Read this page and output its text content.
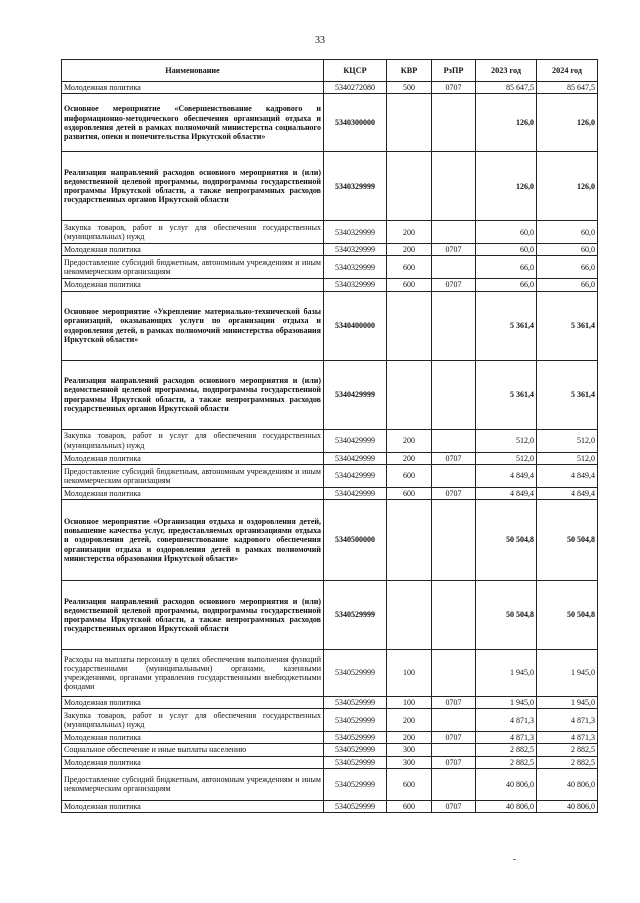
33
Наименование	КЦСР	КВР	РзПР	2023 год	2024 год
Молодежная политика	5340272080	500	0707	85 647,5	85 647,5
Основное мероприятие «Совершенствование кадрового и информационно-методического обеспечения организаций отдыха и оздоровления детей в рамках полномочий министерства социального развития, опеки и попечительства Иркутской области»	5340300000			126,0	126,0
Реализация направлений расходов основного мероприятия и (или) ведомственной целевой программы, подпрограммы государственной программы Иркутской области, а также непрограммных расходов государственных органов Иркутской области	5340329999			126,0	126,0
Закупка товаров, работ и услуг для обеспечения государственных (муниципальных) нужд	5340329999	200		60,0	60,0
Молодежная политика	5340329999	200	0707	60,0	60,0
Предоставление субсидий бюджетным, автономным учреждениям и иным некоммерческим организациям	5340329999	600		66,0	66,0
Молодежная политика	5340329999	600	0707	66,0	66,0
Основное мероприятие «Укрепление материально-технической базы организаций, оказывающих услуги по организации отдыха и оздоровления детей, в рамках полномочий министерства образования Иркутской области»	5340400000			5 361,4	5 361,4
Реализация направлений расходов основного мероприятия и (или) ведомственной целевой программы, подпрограммы государственной программы Иркутской области, а также непрограммных расходов государственных органов Иркутской области	5340429999			5 361,4	5 361,4
Закупка товаров, работ и услуг для обеспечения государственных (муниципальных) нужд	5340429999	200		512,0	512,0
Молодежная политика	5340429999	200	0707	512,0	512,0
Предоставление субсидий бюджетным, автономным учреждениям и иным некоммерческим организациям	5340429999	600		4 849,4	4 849,4
Молодежная политика	5340429999	600	0707	4 849,4	4 849,4
Основное мероприятие «Организация отдыха и оздоровления детей, повышение качества услуг, предоставляемых организациями отдыха и оздоровления детей, совершенствование кадрового обеспечения организации отдыха и оздоровления детей в рамках полномочий министерства образования Иркутской области»	5340500000			50 504,8	50 504,8
Реализация направлений расходов основного мероприятия и (или) ведомственной целевой программы, подпрограммы государственной программы Иркутской области, а также непрограммных расходов государственных органов Иркутской области	5340529999			50 504,8	50 504,8
Расходы на выплаты персоналу в целях обеспечения выполнения функций государственными (муниципальными) органами, казенными учреждениями, органами управления государственными внебюджетными фондами	5340529999	100		1 945,0	1 945,0
Молодежная политика	5340529999	100	0707	1 945,0	1 945,0
Закупка товаров, работ и услуг для обеспечения государственных (муниципальных) нужд	5340529999	200		4 871,3	4 871,3
Молодежная политика	5340529999	200	0707	4 871,3	4 871,3
Социальное обеспечение и иные выплаты населению	5340529999	300		2 882,5	2 882,5
Молодежная политика	5340529999	300	0707	2 882,5	2 882,5
Предоставление субсидий бюджетным, автономным учреждениям и иным некоммерческим организациям	5340529999	600		40 806,0	40 806,0
Молодежная политика	5340529999	600	0707	40 806,0	40 806,0
